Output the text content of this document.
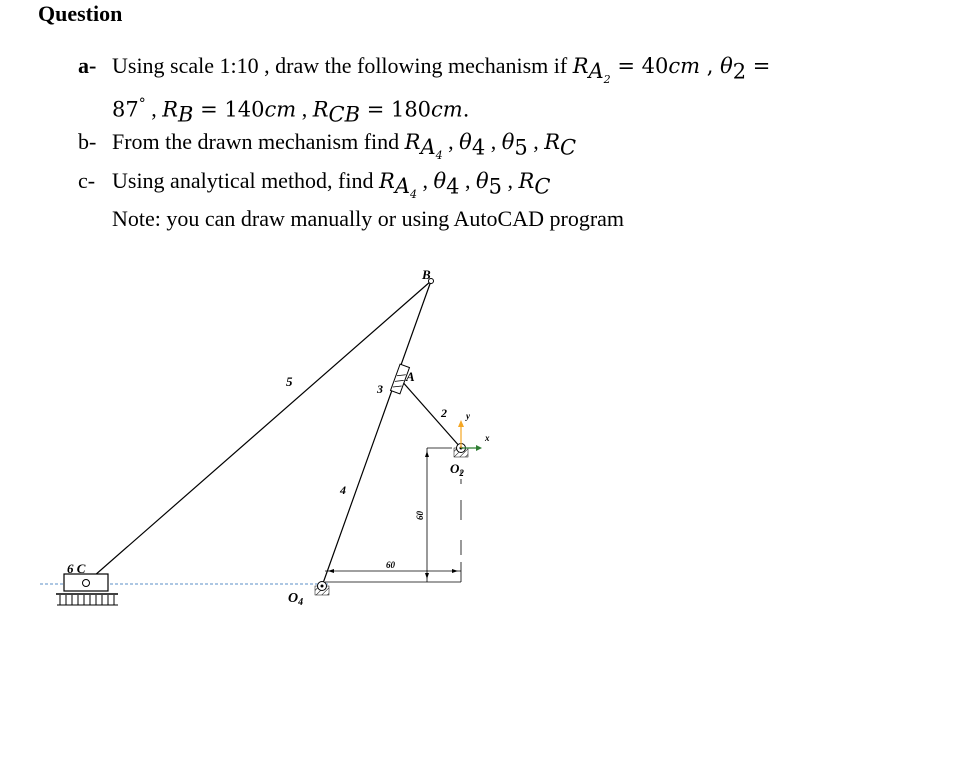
Question
a- Using scale 1:10 , draw the following mechanism if $R_{A_2} = 40cm$ , $\theta_2$ =
87° , $R_B = 140cm$ , $R_{CB} = 180cm$.
b- From the drawn mechanism find $R_{A_4}$ , $\theta_4$ , $\theta_5$ , $R_C$
c- Using analytical method, find $R_{A_4}$ , $\theta_4$ , $\theta_5$ , $R_C$
Note: you can draw manually or using AutoCAD program
B
A
3
2 y
x
$O_2$
5
4
6 C
$O_4$
60
60
